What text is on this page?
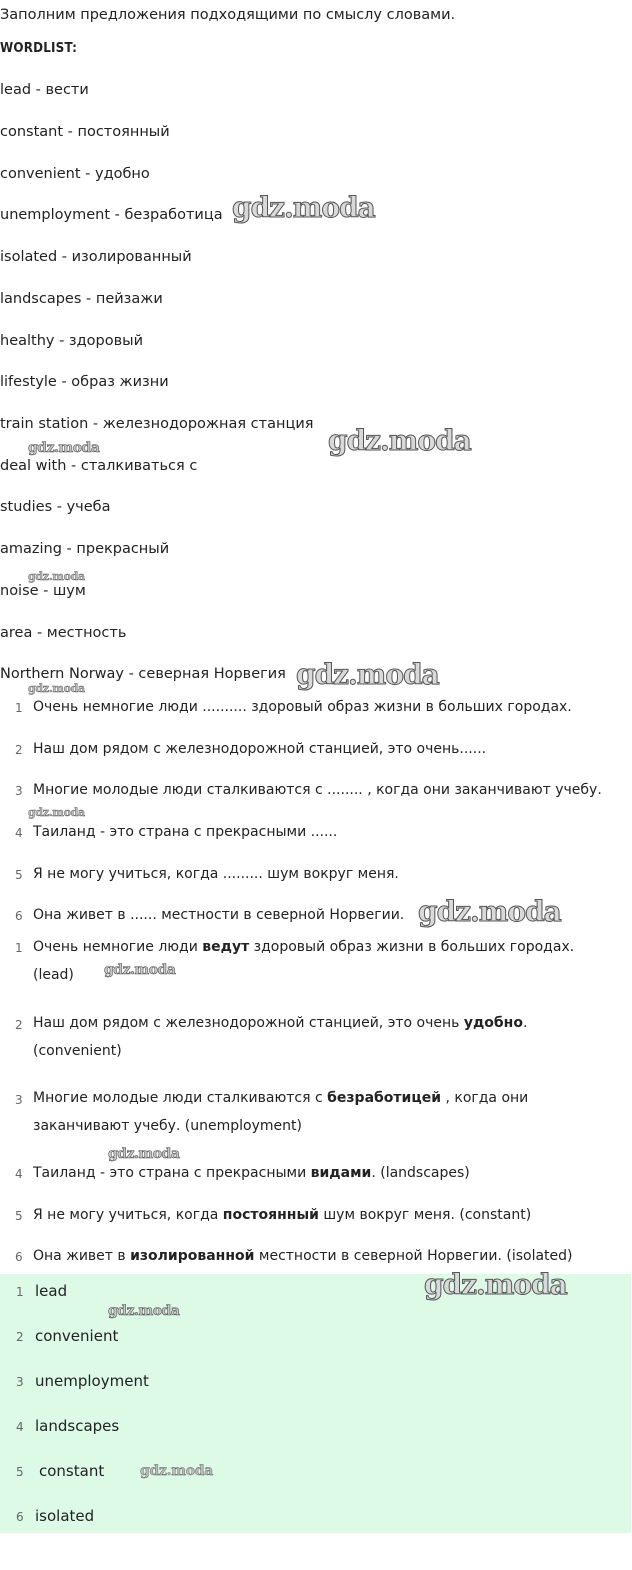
Заполним предложения подходящими по смыслу словами.
WORDLIST:
lead - вести
constant - постоянный
convenient - удобно
unemployment - безработица
isolated - изолированный
landscapes - пейзажи
healthy - здоровый
lifestyle - образ жизни
train station - железнодорожная станция
deal with - сталкиваться с
studies - учеба
amazing - прекрасный
noise - шум
area - местность
Northern Norway - северная Норвегия
1 Очень немногие люди .......... здоровый образ жизни в больших городах.
2 Наш дом рядом с железнодорожной станцией, это очень......
3 Многие молодые люди сталкиваются с ........ , когда они заканчивают учебу.
4 Таиланд - это страна с прекрасными ......
5 Я не могу учиться, когда ......... шум вокруг меня.
6 Она живет в ...... местности в северной Норвегии.
1 Очень немногие люди ведут здоровый образ жизни в больших городах.
(lead)
2 Наш дом рядом с железнодорожной станцией, это очень удобно.
(convenient)
3 Многие молодые люди сталкиваются с безработицей , когда они
заканчивают учебу. (unemployment)
4 Таиланд - это страна с прекрасными видами. (landscapes)
5 Я не могу учиться, когда постоянный шум вокруг меня. (constant)
6 Она живет в изолированной местности в северной Норвегии. (isolated)
1 lead
2 convenient
3 unemployment
4 landscapes
5 constant
6 isolated
gdz.moda
gdz.moda
gdz.moda
gdz.moda
gdz.moda
gdz.moda
gdz.moda
gdz.moda
gdz.moda
gdz.moda
gdz.moda
gdz.moda
gdz.moda
